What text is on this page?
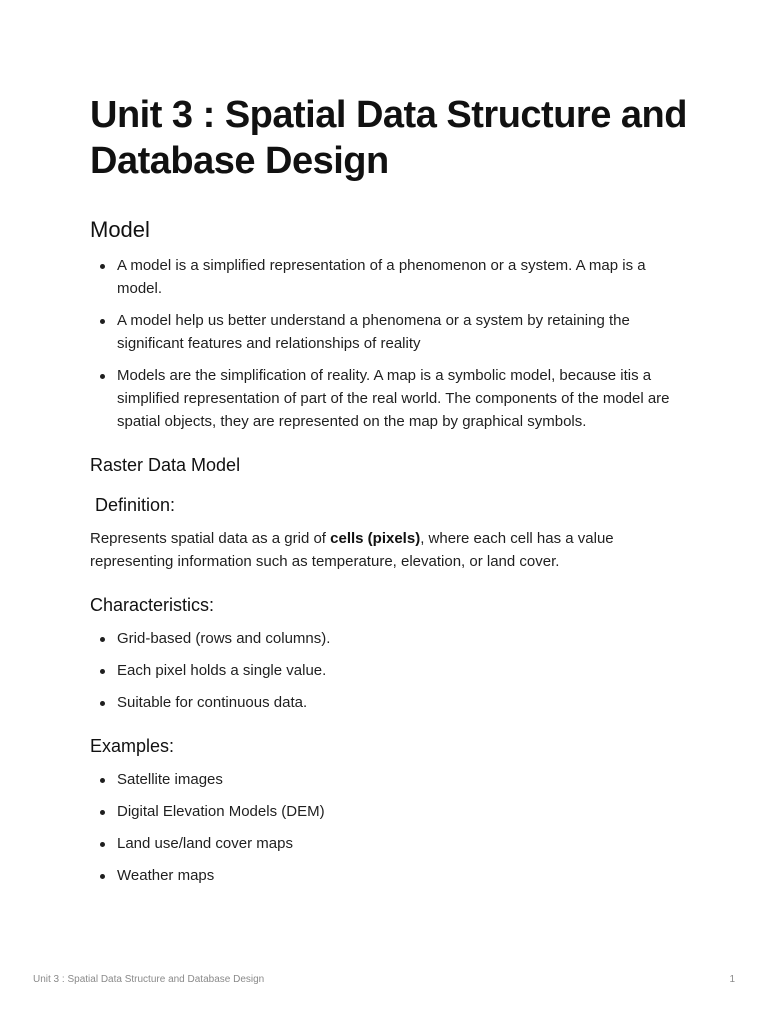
Unit 3 : Spatial Data Structure and Database Design
Model
A model is a simplified representation of a phenomenon or a system. A map is a model.
A model help us better understand a phenomena or a system by retaining the significant features and relationships of reality
Models are the simplification of reality. A map is a symbolic model, because itis a simplified representation of part of the real world. The components of the model are spatial objects, they are represented on the map by graphical symbols.
Raster Data Model
Definition:

Represents spatial data as a grid of cells (pixels), where each cell has a value representing information such as temperature, elevation, or land cover.

Characteristics:
Grid-based (rows and columns).
Each pixel holds a single value.
Suitable for continuous data.
Examples:
Satellite images
Digital Elevation Models (DEM)
Land use/land cover maps
Weather maps
Unit 3 : Spatial Data Structure and Database Design	1
